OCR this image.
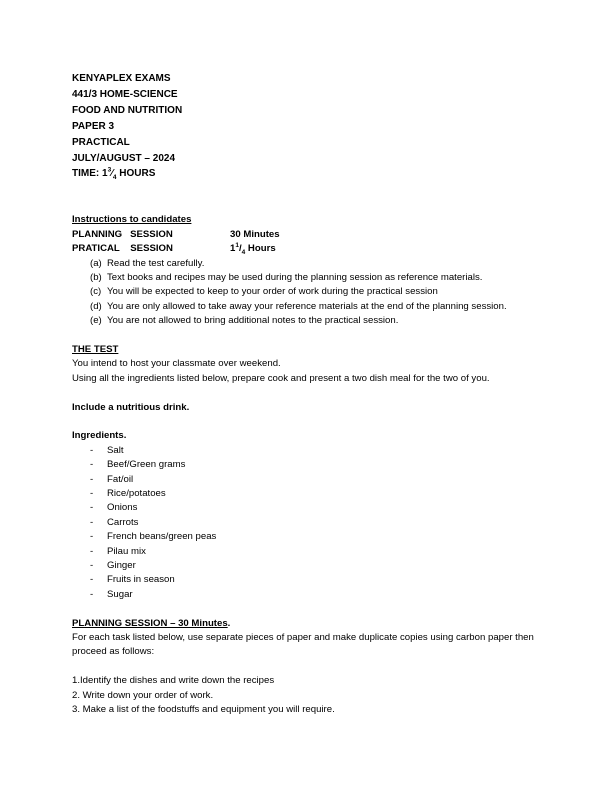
KENYAPLEX EXAMS
441/3 HOME-SCIENCE
FOOD AND NUTRITION
PAPER 3
PRACTICAL
JULY/AUGUST – 2024
TIME: $1^3⁄_4$ HOURS
Instructions to candidates
PLANNING   SESSION	30 Minutes
PRATICAL    SESSION	$1^1/_4$ Hours
(a) Read the test carefully.
(b) Text books and recipes may be used during the planning session as reference materials.
(c) You will be expected to keep to your order of work during the practical session
(d) You are only allowed to take away your reference materials at the end of the planning session.
(e) You are not allowed to bring additional notes to the practical session.
THE TEST
You intend to host your classmate over weekend.
Using all the ingredients listed below, prepare cook and present a two dish meal for the two of you.
Include a nutritious drink.
Ingredients.
-	Salt
-	Beef/Green grams
-	Fat/oil
-	Rice/potatoes
-	Onions
-	Carrots
-	French beans/green peas
-	Pilau mix
-	Ginger
-	Fruits in season
-	Sugar
PLANNING SESSION – 30 Minutes.
For each task listed below, use separate pieces of paper and make duplicate copies using carbon paper then proceed as follows:
1.Identify the dishes and write down the recipes
2. Write down your order of work.
3. Make a list of the foodstuffs and equipment you will require.
